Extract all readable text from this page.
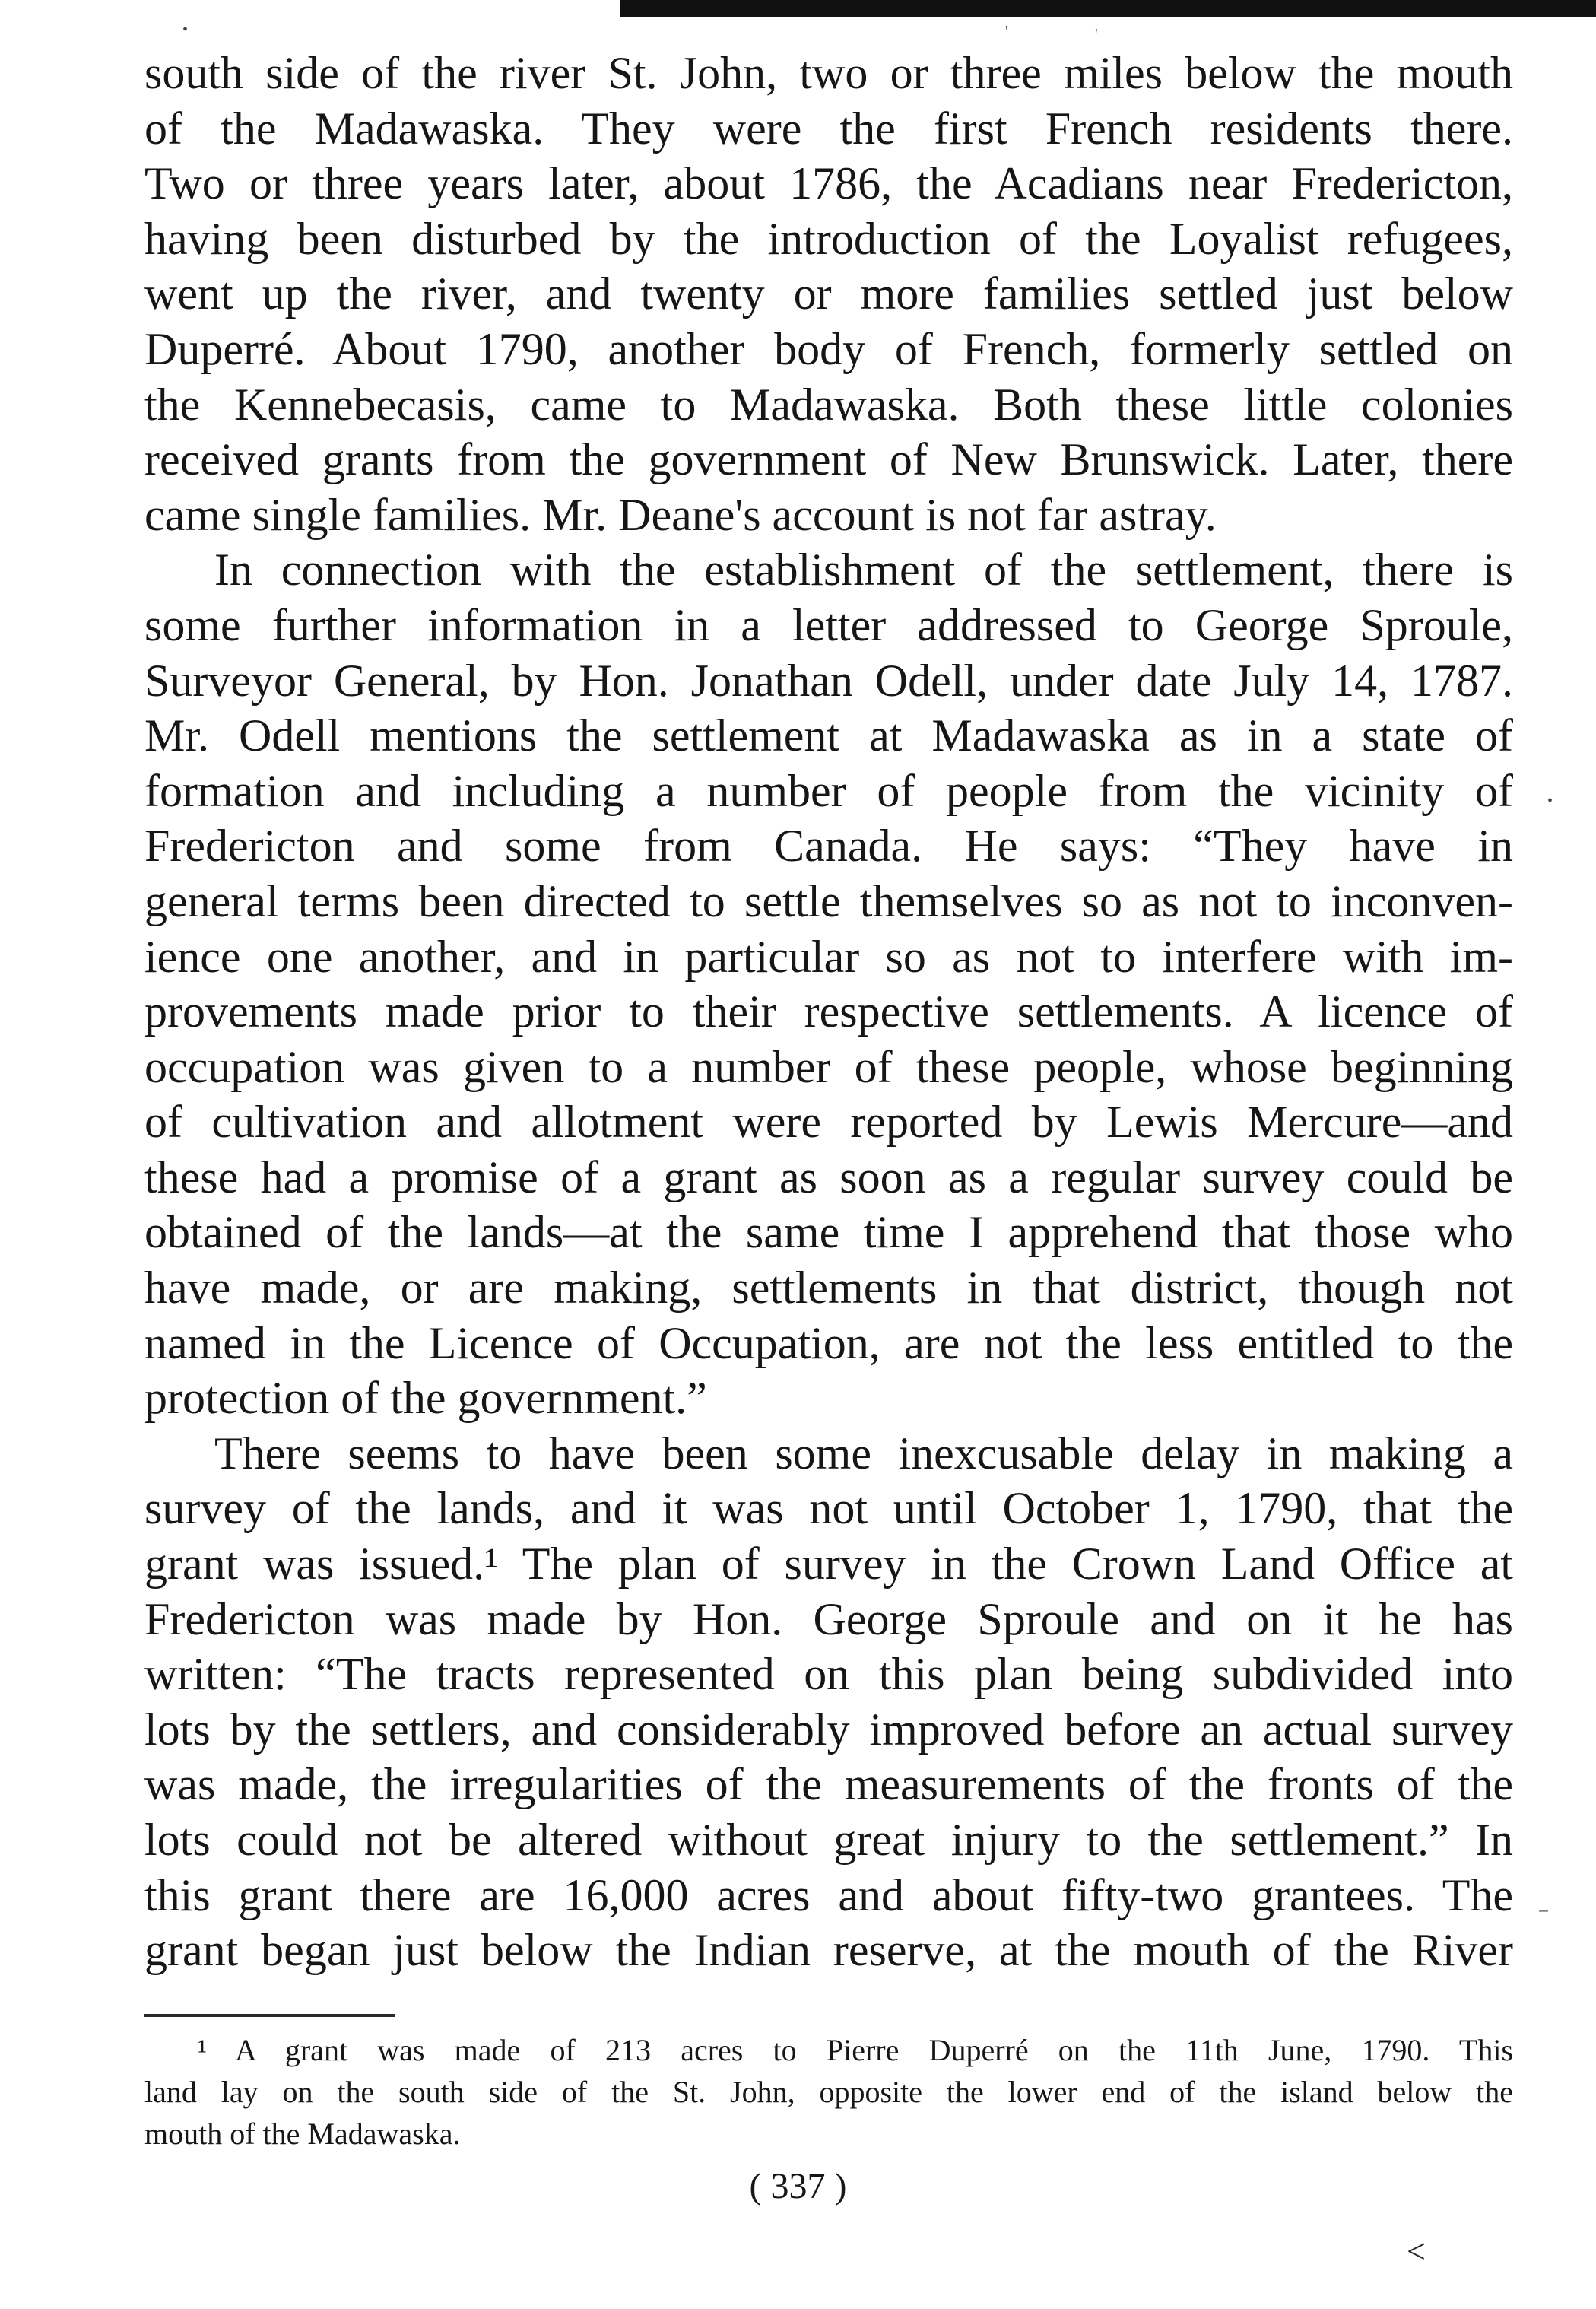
•	'	'
•
‾
south side of the river St. John, two or three miles below the mouth
of the Madawaska. They were the first French residents there.
Two or three years later, about 1786, the Acadians near Fredericton,
having been disturbed by the introduction of the Loyalist refugees,
went up the river, and twenty or more families settled just below
Duperré. About 1790, another body of French, formerly settled on
the Kennebecasis, came to Madawaska. Both these little colonies
received grants from the government of New Brunswick. Later, there
came single families. Mr. Deane's account is not far astray.
In connection with the establishment of the settlement, there is
some further information in a letter addressed to George Sproule,
Surveyor General, by Hon. Jonathan Odell, under date July 14, 1787.
Mr. Odell mentions the settlement at Madawaska as in a state of
formation and including a number of people from the vicinity of
Fredericton and some from Canada. He says: “They have in
general terms been directed to settle themselves so as not to inconven-
ience one another, and in particular so as not to interfere with im-
provements made prior to their respective settlements. A licence of
occupation was given to a number of these people, whose beginning
of cultivation and allotment were reported by Lewis Mercure—and
these had a promise of a grant as soon as a regular survey could be
obtained of the lands—at the same time I apprehend that those who
have made, or are making, settlements in that district, though not
named in the Licence of Occupation, are not the less entitled to the
protection of the government.”
There seems to have been some inexcusable delay in making a
survey of the lands, and it was not until October 1, 1790, that the
grant was issued.¹ The plan of survey in the Crown Land Office at
Fredericton was made by Hon. George Sproule and on it he has
written: “The tracts represented on this plan being subdivided into
lots by the settlers, and considerably improved before an actual survey
was made, the irregularities of the measurements of the fronts of the
lots could not be altered without great injury to the settlement.” In
this grant there are 16,000 acres and about fifty-two grantees. The
grant began just below the Indian reserve, at the mouth of the River
¹ A grant was made of 213 acres to Pierre Duperré on the 11th June, 1790. This
land lay on the south side of the St. John, opposite the lower end of the island below the
mouth of the Madawaska.
( 337 )
<
